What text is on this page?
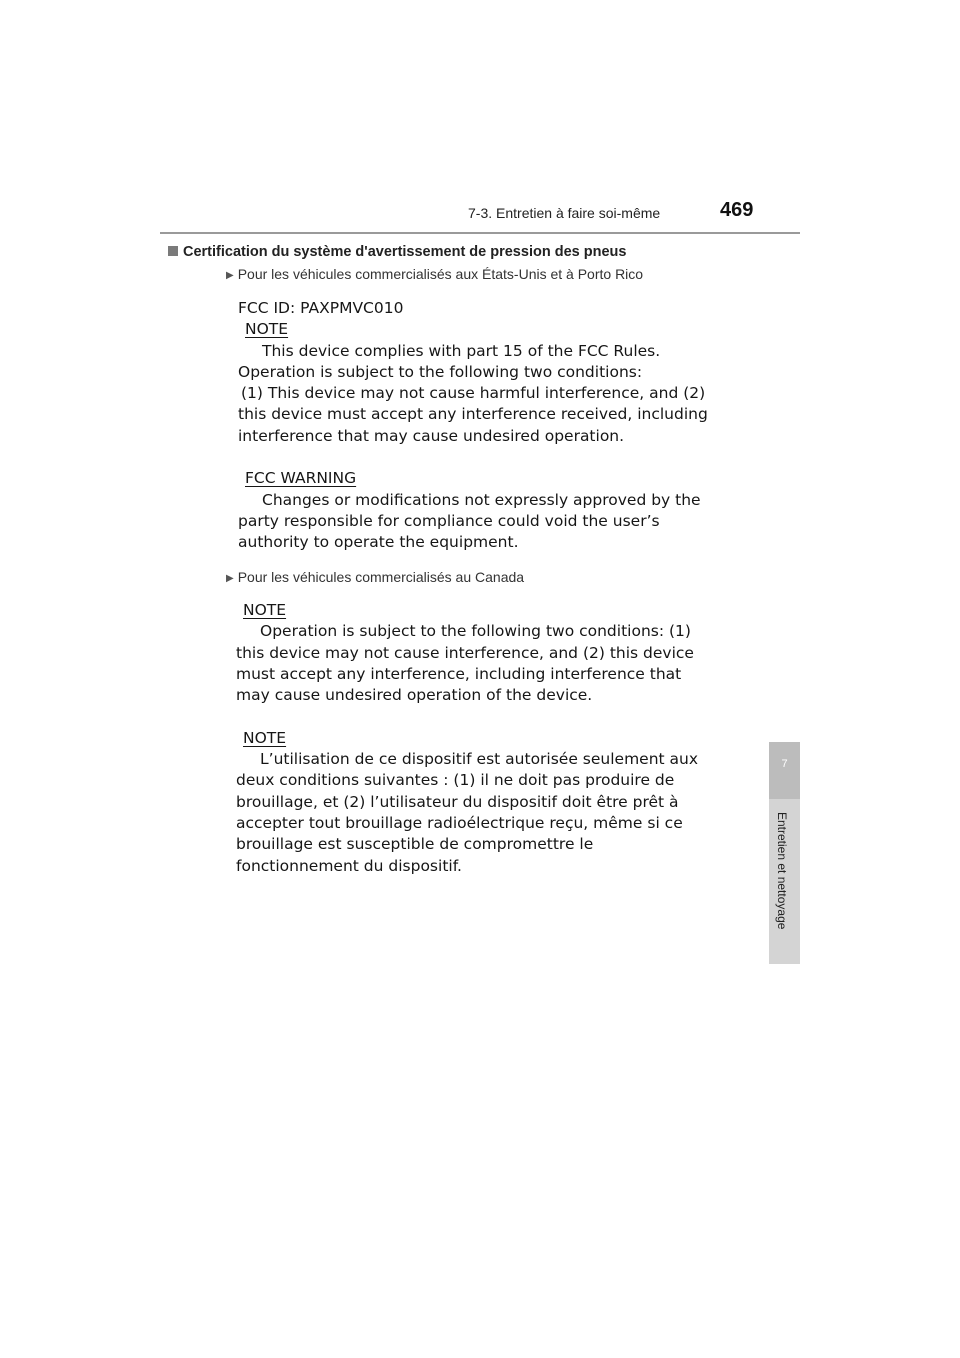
7-3. Entretien à faire soi-même	469
7
Entretien et nettoyage
Certification du système d'avertissement de pression des pneus
▶ Pour les véhicules commercialisés aux États-Unis et à Porto Rico
FCC ID: PAXPMVC010
NOTE
This device complies with part 15 of the FCC Rules.
Operation is subject to the following two conditions:
(1) This device may not cause harmful interference, and (2)
this device must accept any interference received, including
interference that may cause undesired operation.
FCC WARNING
Changes or modifications not expressly approved by the
party responsible for compliance could void the user’s
authority to operate the equipment.
▶ Pour les véhicules commercialisés au Canada
NOTE
Operation is subject to the following two conditions: (1)
this device may not cause interference, and (2) this device
must accept any interference, including interference that
may cause undesired operation of the device.
NOTE
L’utilisation de ce dispositif est autorisée seulement aux
deux conditions suivantes : (1) il ne doit pas produire de
brouillage, et (2) l’utilisateur du dispositif doit être prêt à
accepter tout brouillage radioélectrique reçu, même si ce
brouillage est susceptible de compromettre le
fonctionnement du dispositif.
